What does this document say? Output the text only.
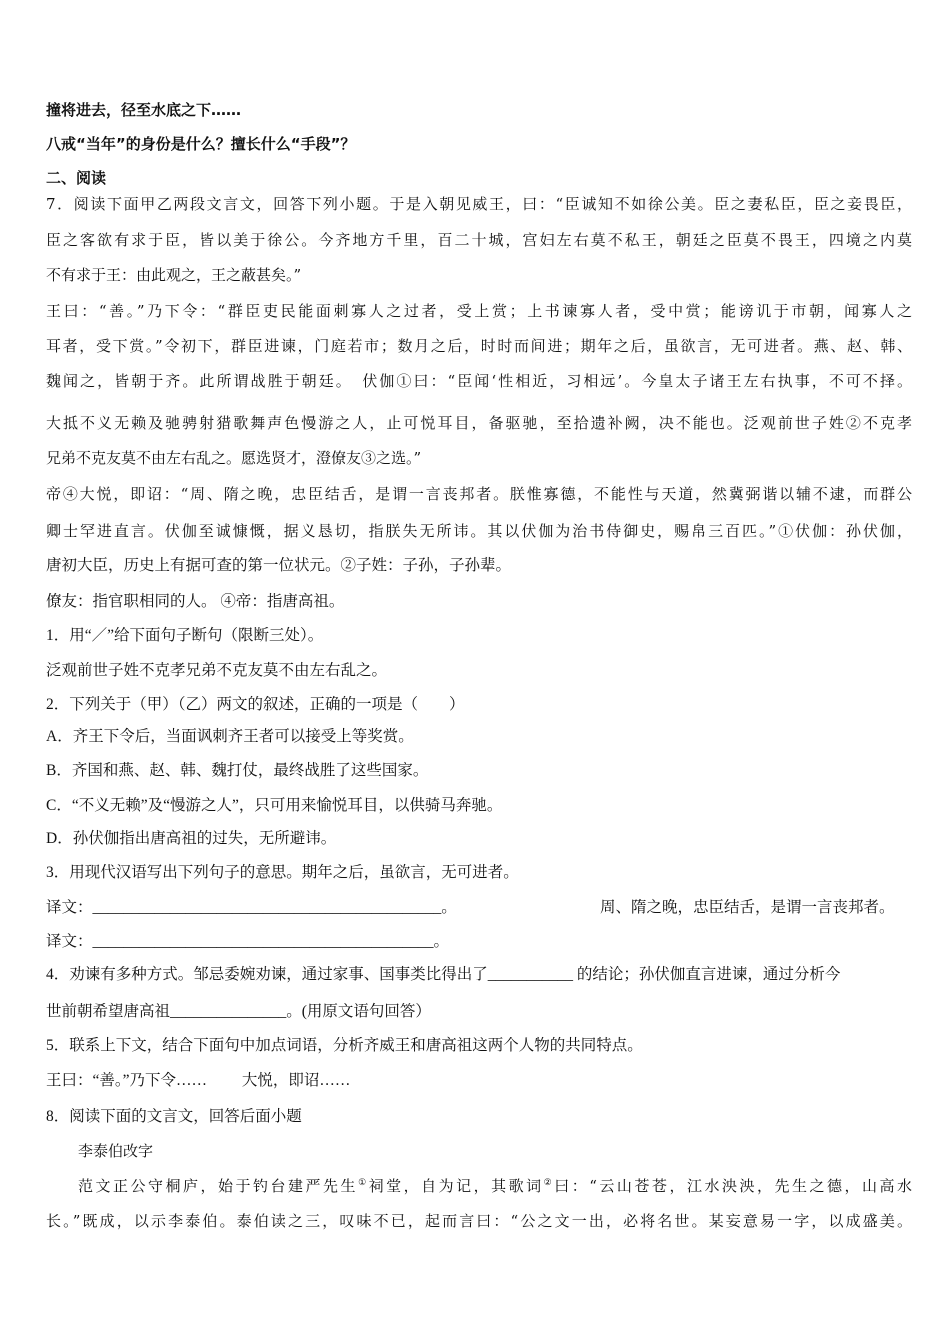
撞将进去，径至水底之下……
八戒“当年”的身份是什么？擅长什么“手段”？
二、阅读
7．阅读下面甲乙两段文言文，回答下列小题。于是入朝见威王，曰：“臣诚知不如徐公美。臣之妻私臣，臣之妾畏臣，
臣之客欲有求于臣，皆以美于徐公。今齐地方千里，百二十城，宫妇左右莫不私王，朝廷之臣莫不畏王，四境之内莫
不有求于王：由此观之，王之蔽甚矣。”
王曰：“善。”乃下令：“群臣吏民能面刺寡人之过者，受上赏；上书谏寡人者，受中赏；能谤讥于市朝，闻寡人之
耳者，受下赏。”令初下，群臣进谏，门庭若市；数月之后，时时而间进；期年之后，虽欲言，无可进者。燕、赵、韩、
魏闻之，皆朝于齐。此所谓战胜于朝廷。　伏伽①曰：“臣闻‘性相近，习相远’。今皇太子诸王左右执事，不可不择。
大抵不义无赖及驰骋射猎歌舞声色慢游之人，止可悦耳目，备驱驰，至拾遗补阙，决不能也。泛观前世子姓②不克孝
兄弟不克友莫不由左右乱之。愿选贤才，澄僚友③之选。”
帝④大悦，即诏：“周、隋之晚，忠臣结舌，是谓一言丧邦者。朕惟寡德，不能性与天道，然冀弼谐以辅不逮，而群公
卿士罕进直言。伏伽至诚慷慨，据义恳切，指朕失无所讳。其以伏伽为治书侍御史，赐帛三百匹。”①伏伽：孙伏伽，
唐初大臣，历史上有据可查的第一位状元。②子姓：子孙，子孙辈。
僚友：指官职相同的人。 ④帝：指唐高祖。
1．用“／”给下面句子断句（限断三处）。
泛观前世子姓不克孝兄弟不克友莫不由左右乱之。
2．下列关于（甲）（乙）两文的叙述，正确的一项是（　　）
A．齐王下令后，当面讽刺齐王者可以接受上等奖赏。
B．齐国和燕、赵、韩、魏打仗，最终战胜了这些国家。
C．“不义无赖”及“慢游之人”，只可用来愉悦耳目，以供骑马奔驰。
D．孙伏伽指出唐高祖的过失，无所避讳。
3．用现代汉语写出下列句子的意思。期年之后，虽欲言，无可进者。
译文：_____________________________________________。	周、隋之晚，忠臣结舌，是谓一言丧邦者。
译文：____________________________________________。
4．劝谏有多种方式。邹忌委婉劝谏，通过家事、国事类比得出了___________ 的结论；孙伏伽直言进谏，通过分析今
世前朝希望唐高祖_______________。(用原文语句回答）
5．联系上下文，结合下面句中加点词语，分析齐威王和唐高祖这两个人物的共同特点。
王曰：“善。”乃下令……　　 大悦，即诏……
8．阅读下面的文言文，回答后面小题
李泰伯改字
范文正公守桐庐，始于钓台建严先生①祠堂，自为记，其歌词②曰：“云山苍苍，江水泱泱，先生之德，山高水
长。”既成，以示李泰伯。泰伯读之三，叹味不已，起而言曰：“公之文一出，必将名世。某妄意易一字，以成盛美。
